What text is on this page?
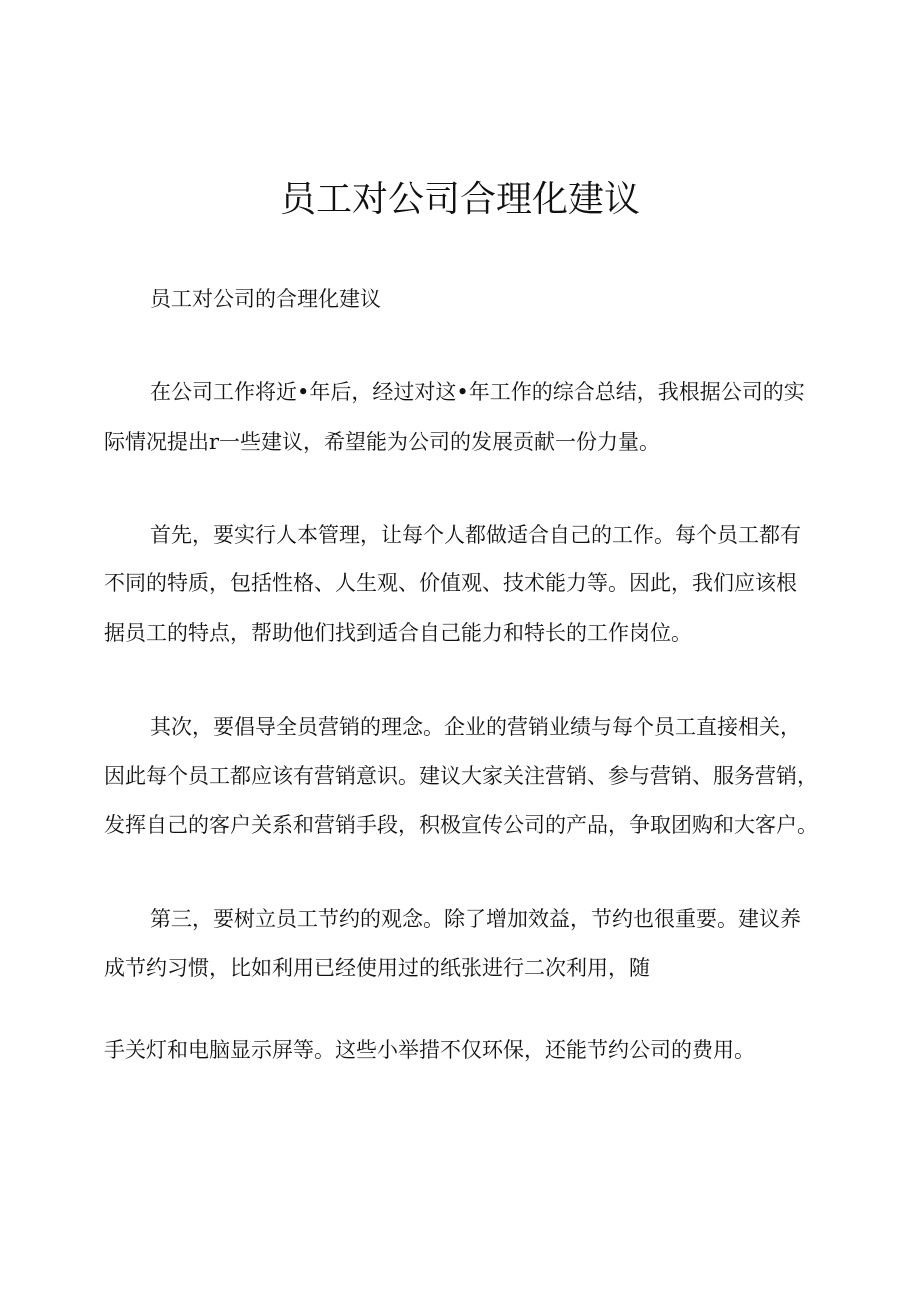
员工对公司合理化建议

员工对公司的合理化建议

在公司工作将近•年后，经过对这•年工作的综合总结，我根据公司的实

际情况提出r一些建议，希望能为公司的发展贡献一份力量。

首先，要实行人本管理，让每个人都做适合自己的工作。每个员工都有

不同的特质，包括性格、人生观、价值观、技术能力等。因此，我们应该根

据员工的特点，帮助他们找到适合自己能力和特长的工作岗位。

其次，要倡导全员营销的理念。企业的营销业绩与每个员工直接相关，

因此每个员工都应该有营销意识。建议大家关注营销、参与营销、服务营销，

发挥自己的客户关系和营销手段，积极宣传公司的产品，争取团购和大客户。

第三，要树立员工节约的观念。除了增加效益，节约也很重要。建议养

成节约习惯，比如利用已经使用过的纸张进行二次利用，随

手关灯和电脑显示屏等。这些小举措不仅环保，还能节约公司的费用。
